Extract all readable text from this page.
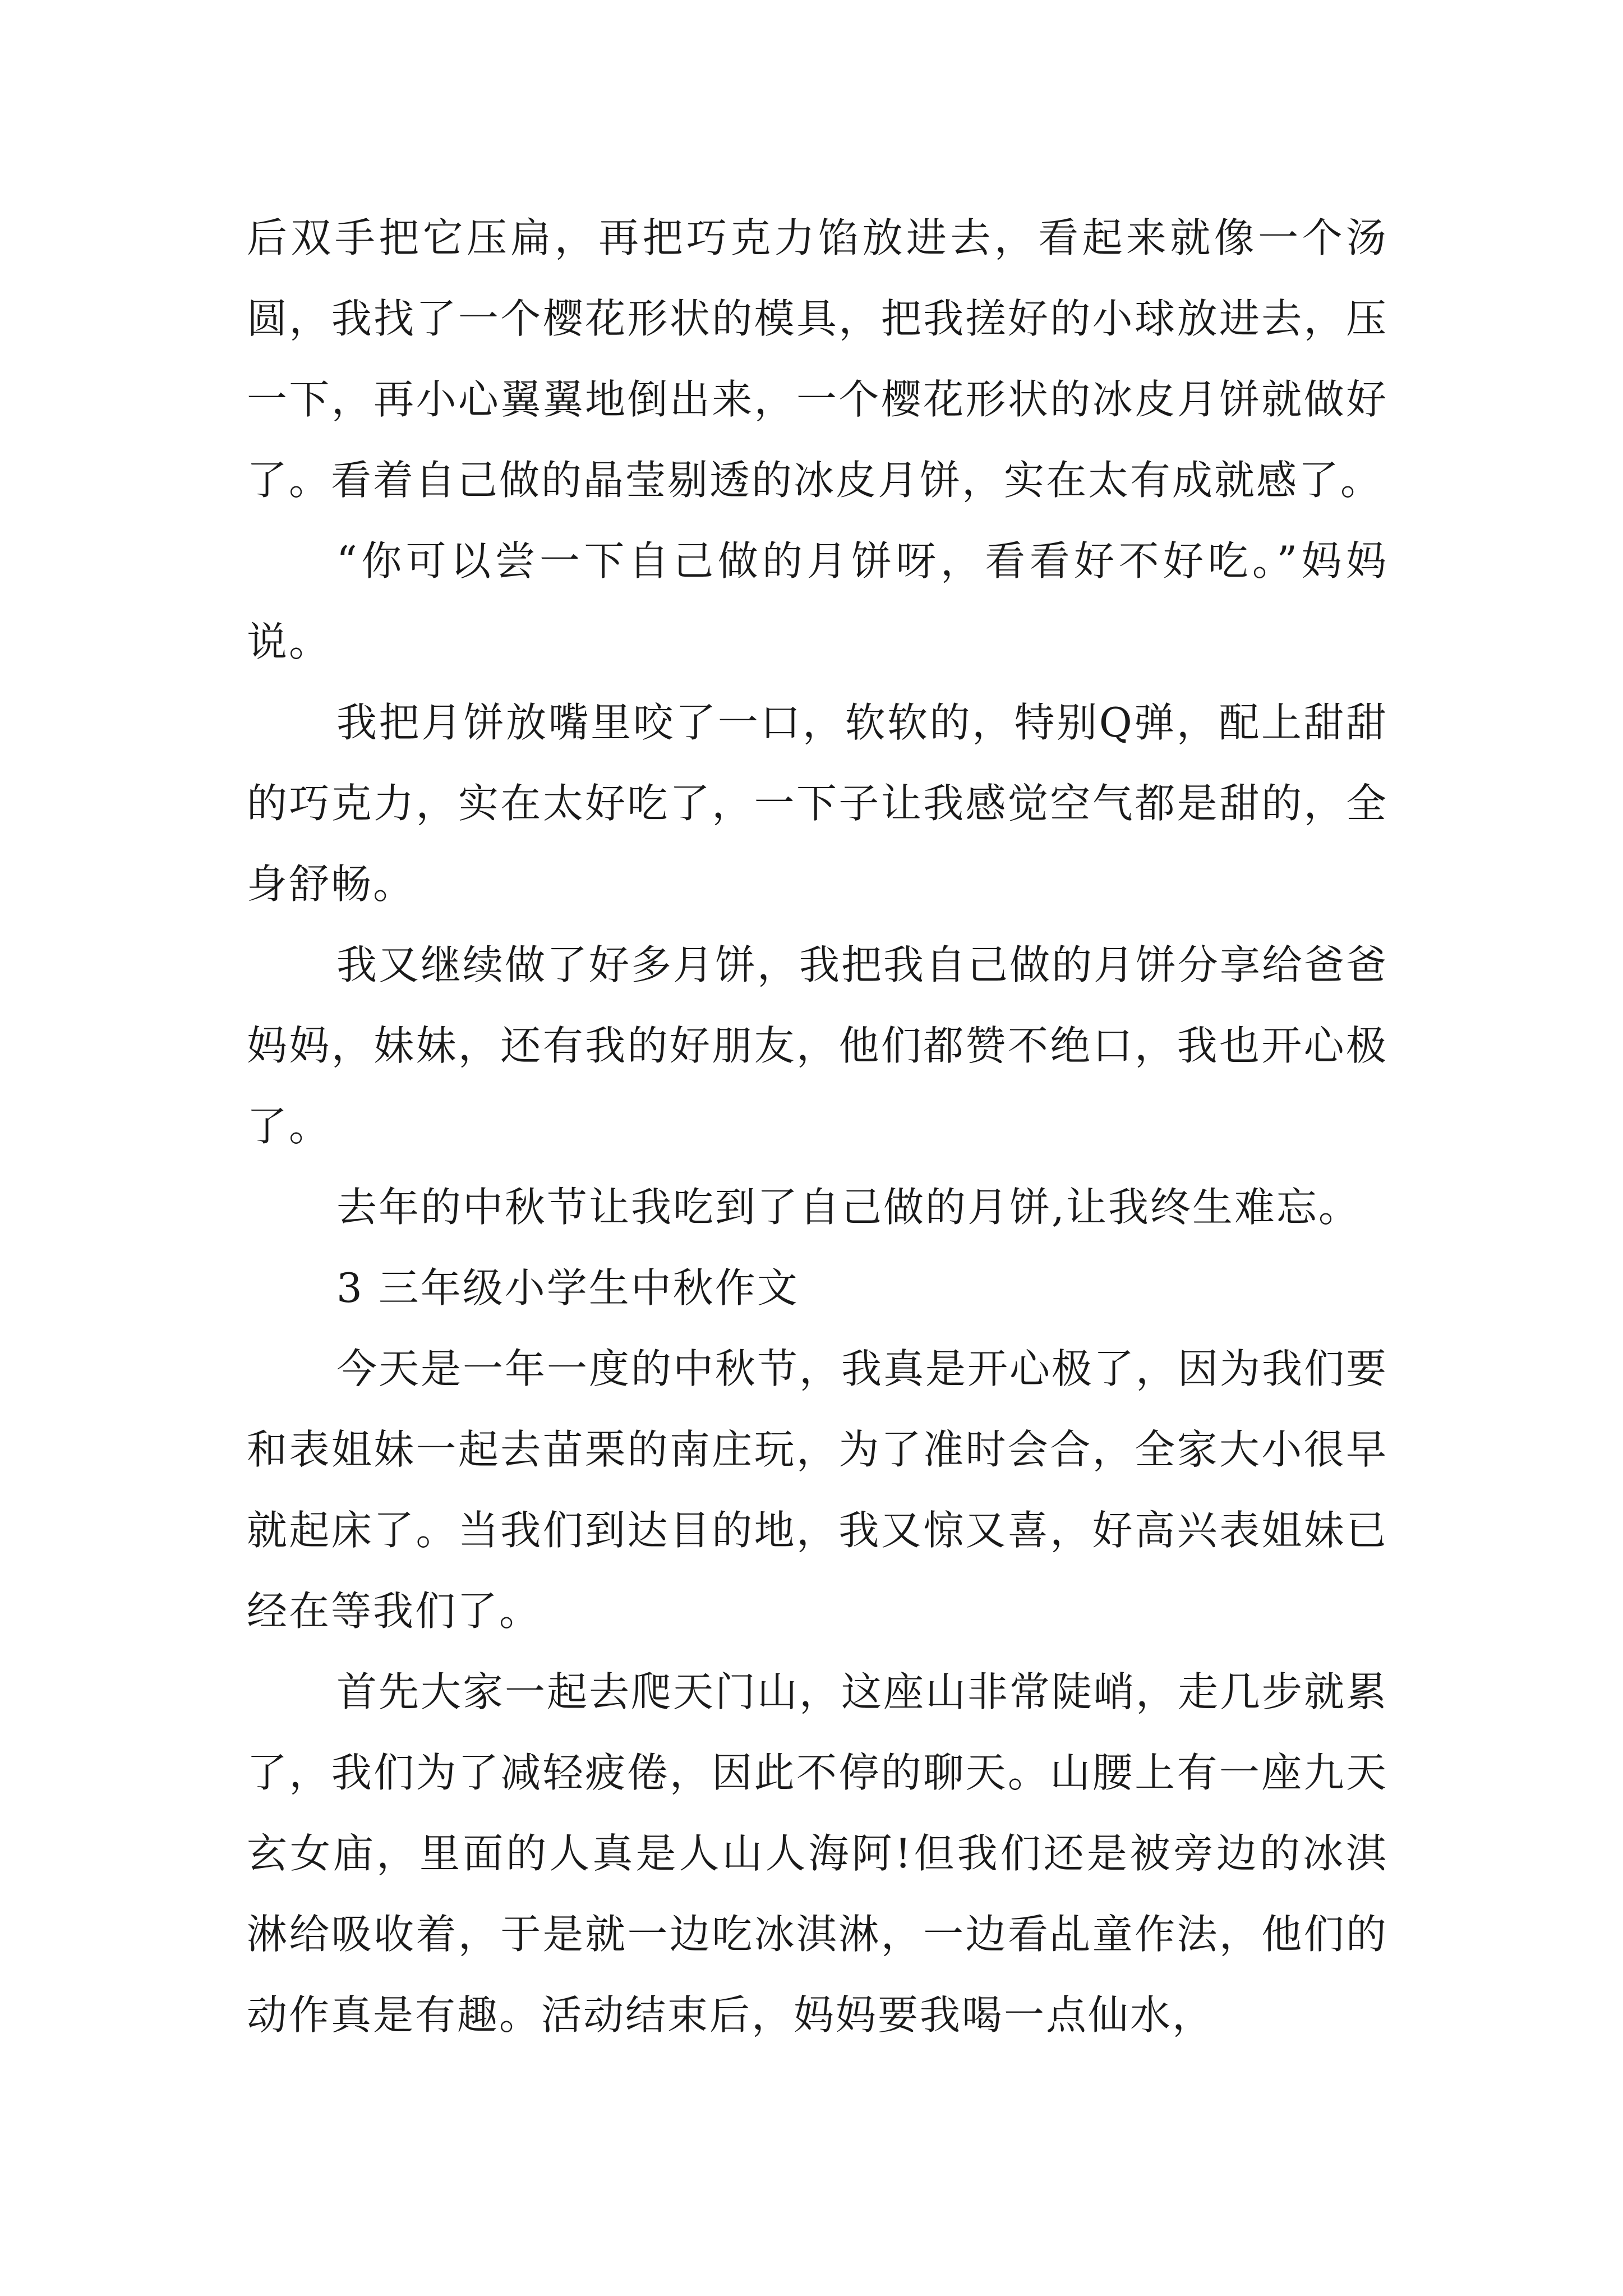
后双手把它压扁，再把巧克力馅放进去，看起来就像一个汤圆，我找了一个樱花形状的模具，把我搓好的小球放进去，压一下，再小心翼翼地倒出来，一个樱花形状的冰皮月饼就做好了。看着自己做的晶莹剔透的冰皮月饼，实在太有成就感了。

“你可以尝一下自己做的月饼呀，看看好不好吃。”妈妈说。

我把月饼放嘴里咬了一口，软软的，特别Q弹，配上甜甜的巧克力，实在太好吃了，一下子让我感觉空气都是甜的，全身舒畅。

我又继续做了好多月饼，我把我自己做的月饼分享给爸爸妈妈，妹妹，还有我的好朋友，他们都赞不绝口，我也开心极了。

去年的中秋节让我吃到了自己做的月饼,让我终生难忘。

3 三年级小学生中秋作文

今天是一年一度的中秋节，我真是开心极了，因为我们要和表姐妹一起去苗栗的南庄玩，为了准时会合，全家大小很早就起床了。当我们到达目的地，我又惊又喜，好高兴表姐妹已经在等我们了。

首先大家一起去爬天门山，这座山非常陡峭，走几步就累了，我们为了减轻疲倦，因此不停的聊天。山腰上有一座九天玄女庙，里面的人真是人山人海阿!但我们还是被旁边的冰淇淋给吸收着，于是就一边吃冰淇淋，一边看乩童作法，他们的动作真是有趣。活动结束后，妈妈要我喝一点仙水，
